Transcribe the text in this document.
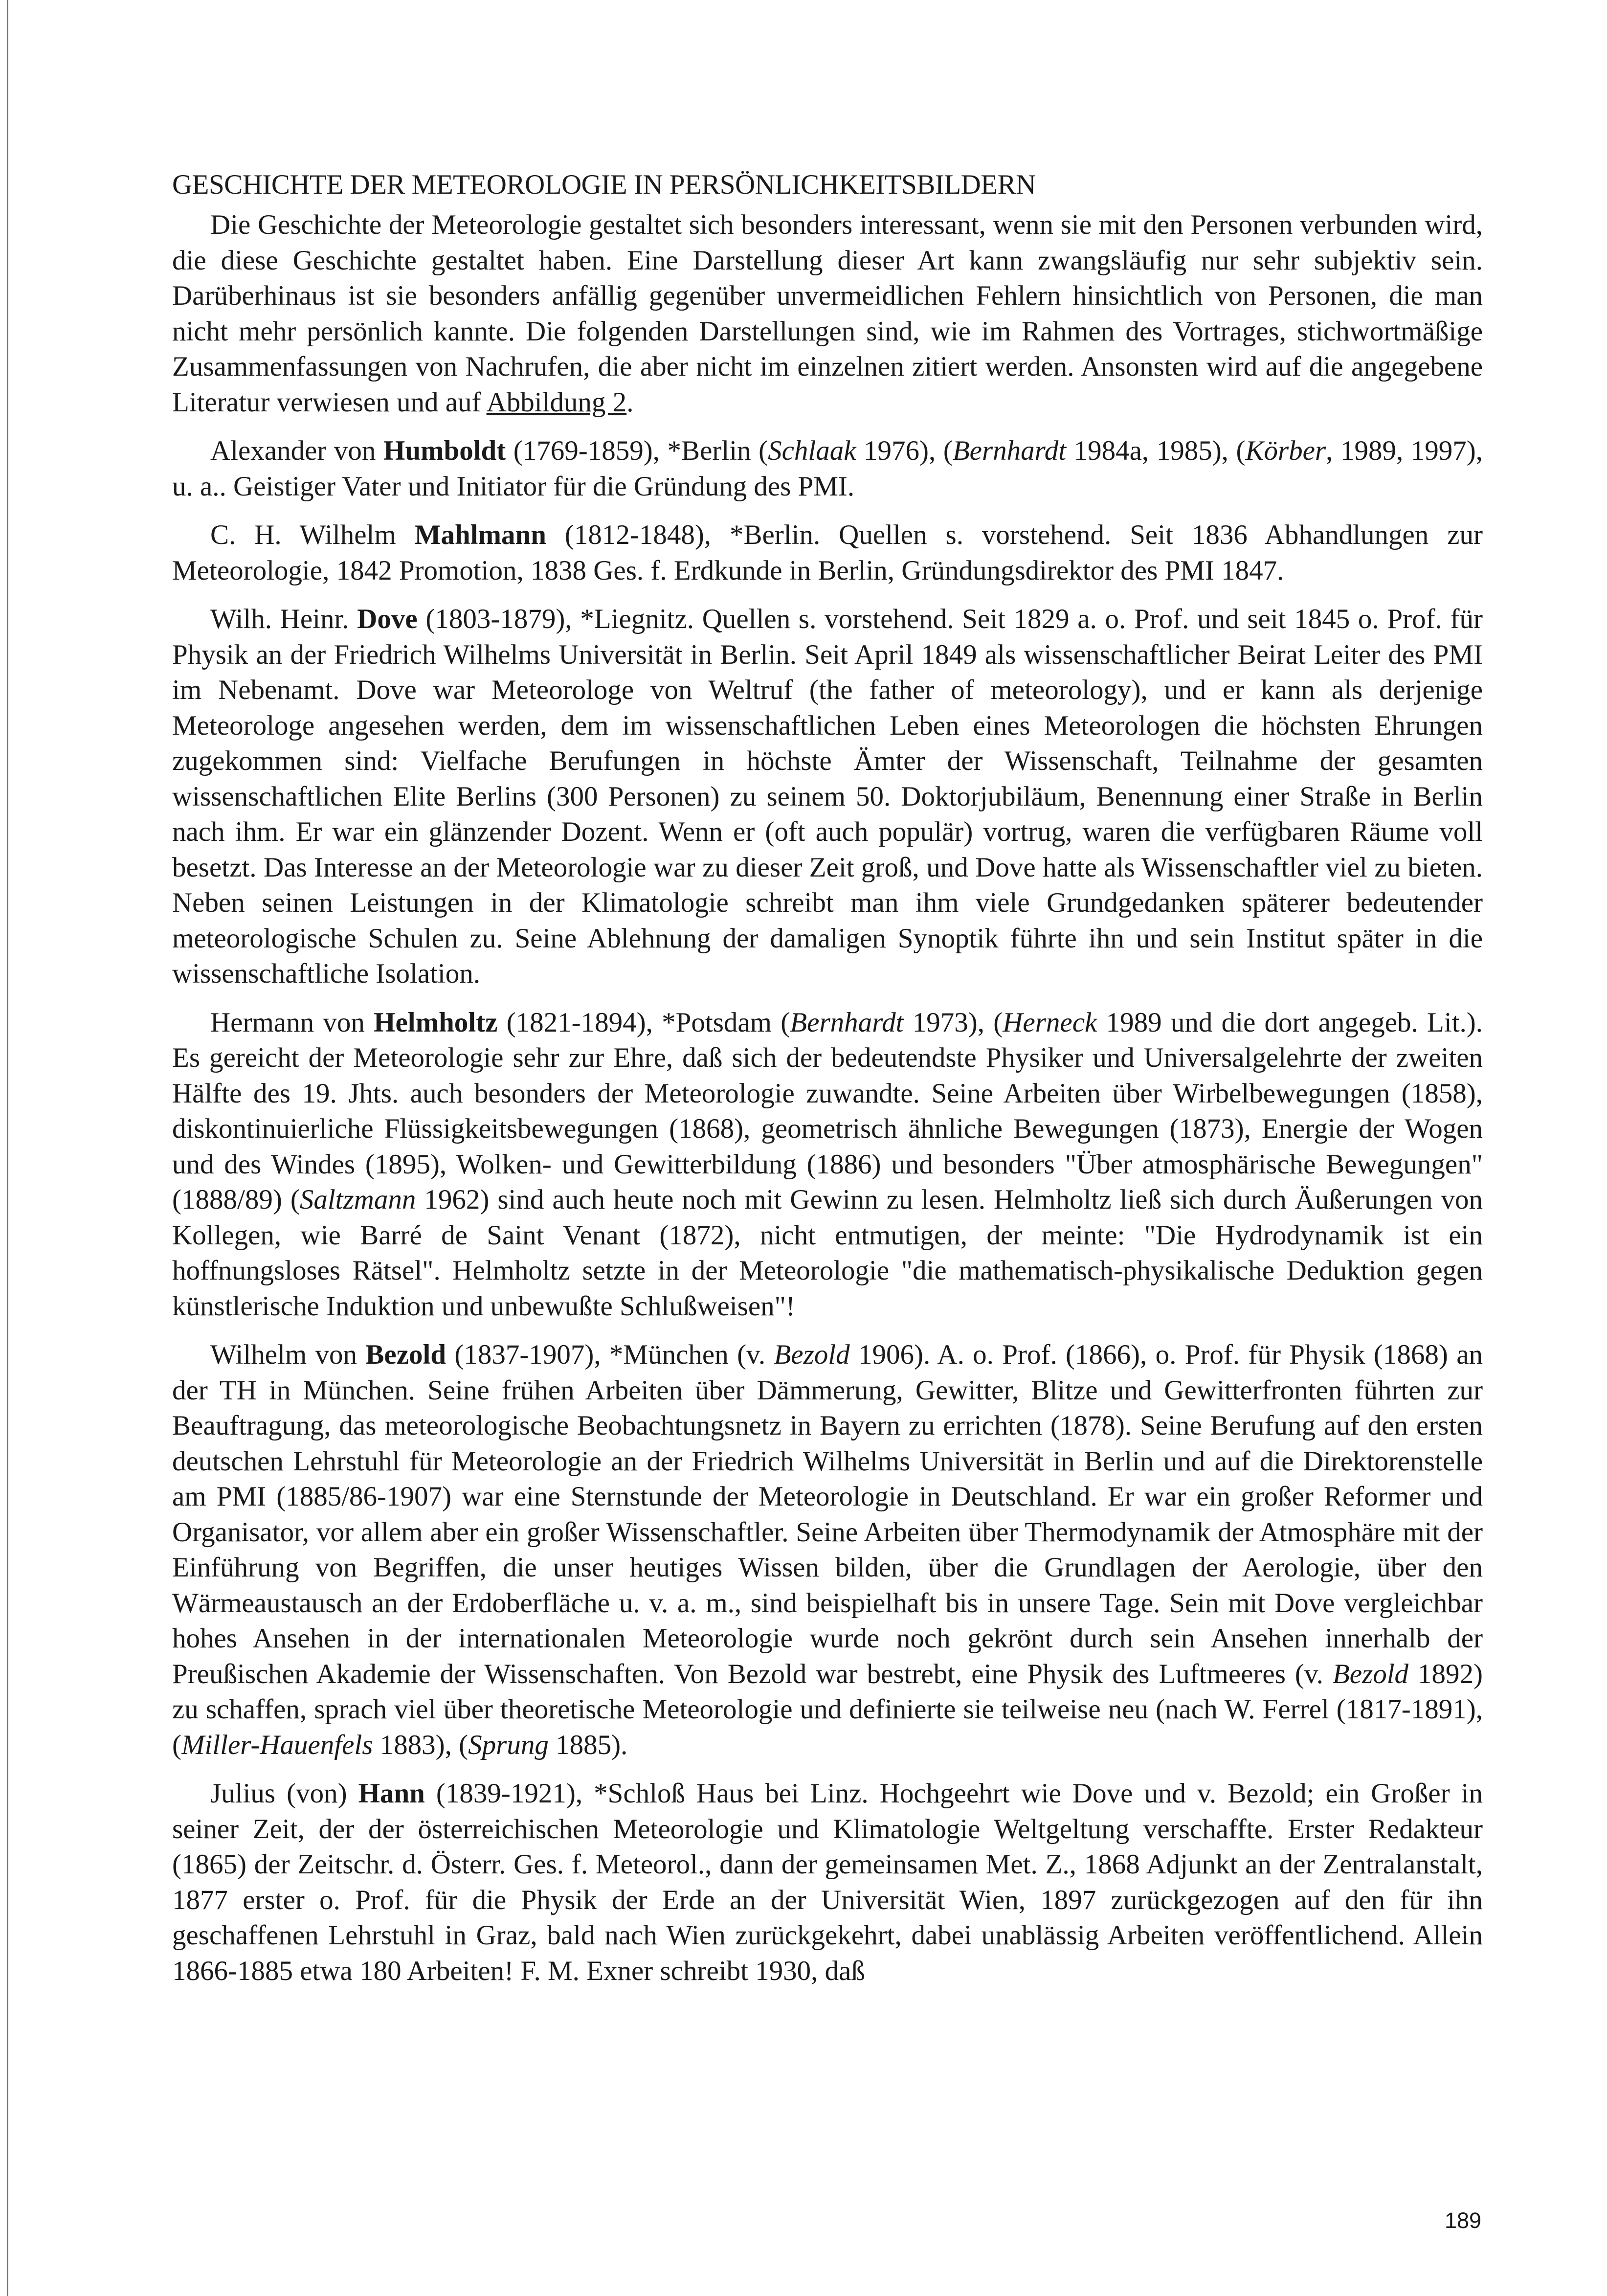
GESCHICHTE DER METEOROLOGIE IN PERSÖNLICHKEITSBILDERN

Die Geschichte der Meteorologie gestaltet sich besonders interessant, wenn sie mit den Personen verbunden wird, die diese Geschichte gestaltet haben. Eine Darstellung dieser Art kann zwangsläufig nur sehr subjektiv sein. Darüberhinaus ist sie besonders anfällig gegenüber unvermeidlichen Fehlern hinsichtlich von Personen, die man nicht mehr persönlich kannte. Die folgenden Darstellungen sind, wie im Rahmen des Vortrages, stichwortmäßige Zusammenfassungen von Nachrufen, die aber nicht im einzelnen zitiert werden. Ansonsten wird auf die angegebene Literatur verwiesen und auf Abbildung 2.

Alexander von Humboldt (1769-1859), *Berlin (Schlaak 1976), (Bernhardt 1984a, 1985), (Körber, 1989, 1997), u. a.. Geistiger Vater und Initiator für die Gründung des PMI.

C. H. Wilhelm Mahlmann (1812-1848), *Berlin. Quellen s. vorstehend. Seit 1836 Abhandlungen zur Meteorologie, 1842 Promotion, 1838 Ges. f. Erdkunde in Berlin, Gründungsdirektor des PMI 1847.

Wilh. Heinr. Dove (1803-1879), *Liegnitz. Quellen s. vorstehend. Seit 1829 a. o. Prof. und seit 1845 o. Prof. für Physik an der Friedrich Wilhelms Universität in Berlin. Seit April 1849 als wissenschaftlicher Beirat Leiter des PMI im Nebenamt. Dove war Meteorologe von Weltruf (the father of meteorology), und er kann als derjenige Meteorologe angesehen werden, dem im wissenschaftlichen Leben eines Meteorologen die höchsten Ehrungen zugekommen sind: Vielfache Berufungen in höchste Ämter der Wissenschaft, Teilnahme der gesamten wissenschaftlichen Elite Berlins (300 Personen) zu seinem 50. Doktorjubiläum, Benennung einer Straße in Berlin nach ihm. Er war ein glänzender Dozent. Wenn er (oft auch populär) vortrug, waren die verfügbaren Räume voll besetzt. Das Interesse an der Meteorologie war zu dieser Zeit groß, und Dove hatte als Wissenschaftler viel zu bieten. Neben seinen Leistungen in der Klimatologie schreibt man ihm viele Grundgedanken späterer bedeutender meteorologische Schulen zu. Seine Ablehnung der damaligen Synoptik führte ihn und sein Institut später in die wissenschaftliche Isolation.

Hermann von Helmholtz (1821-1894), *Potsdam (Bernhardt 1973), (Herneck 1989 und die dort angegeb. Lit.). Es gereicht der Meteorologie sehr zur Ehre, daß sich der bedeutendste Physiker und Universalgelehrte der zweiten Hälfte des 19. Jhts. auch besonders der Meteorologie zuwandte. Seine Arbeiten über Wirbelbewegungen (1858), diskontinuierliche Flüssigkeitsbewegungen (1868), geometrisch ähnliche Bewegungen (1873), Energie der Wogen und des Windes (1895), Wolken- und Gewitterbildung (1886) und besonders "Über atmosphärische Bewegungen" (1888/89) (Saltzmann 1962) sind auch heute noch mit Gewinn zu lesen. Helmholtz ließ sich durch Äußerungen von Kollegen, wie Barré de Saint Venant (1872), nicht entmutigen, der meinte: "Die Hydrodynamik ist ein hoffnungsloses Rätsel". Helmholtz setzte in der Meteorologie "die mathematisch-physikalische Deduktion gegen künstlerische Induktion und unbewußte Schlußweisen"!

Wilhelm von Bezold (1837-1907), *München (v. Bezold 1906). A. o. Prof. (1866), o. Prof. für Physik (1868) an der TH in München. Seine frühen Arbeiten über Dämmerung, Gewitter, Blitze und Gewitterfronten führten zur Beauftragung, das meteorologische Beobachtungsnetz in Bayern zu errichten (1878). Seine Berufung auf den ersten deutschen Lehrstuhl für Meteorologie an der Friedrich Wilhelms Universität in Berlin und auf die Direktorenstelle am PMI (1885/86-1907) war eine Sternstunde der Meteorologie in Deutschland. Er war ein großer Reformer und Organisator, vor allem aber ein großer Wissenschaftler. Seine Arbeiten über Thermodynamik der Atmosphäre mit der Einführung von Begriffen, die unser heutiges Wissen bilden, über die Grundlagen der Aerologie, über den Wärmeaustausch an der Erdoberfläche u. v. a. m., sind beispielhaft bis in unsere Tage. Sein mit Dove vergleichbar hohes Ansehen in der internationalen Meteorologie wurde noch gekrönt durch sein Ansehen innerhalb der Preußischen Akademie der Wissenschaften. Von Bezold war bestrebt, eine Physik des Luftmeeres (v. Bezold 1892) zu schaffen, sprach viel über theoretische Meteorologie und definierte sie teilweise neu (nach W. Ferrel (1817-1891), (Miller-Hauenfels 1883), (Sprung 1885).

Julius (von) Hann (1839-1921), *Schloß Haus bei Linz. Hochgeehrt wie Dove und v. Bezold; ein Großer in seiner Zeit, der der österreichischen Meteorologie und Klimatologie Weltgeltung verschaffte. Erster Redakteur (1865) der Zeitschr. d. Österr. Ges. f. Meteorol., dann der gemeinsamen Met. Z., 1868 Adjunkt an der Zentralanstalt, 1877 erster o. Prof. für die Physik der Erde an der Universität Wien, 1897 zurückgezogen auf den für ihn geschaffenen Lehrstuhl in Graz, bald nach Wien zurückgekehrt, dabei unablässig Arbeiten veröffentlichend. Allein 1866-1885 etwa 180 Arbeiten! F. M. Exner schreibt 1930, daß

189
